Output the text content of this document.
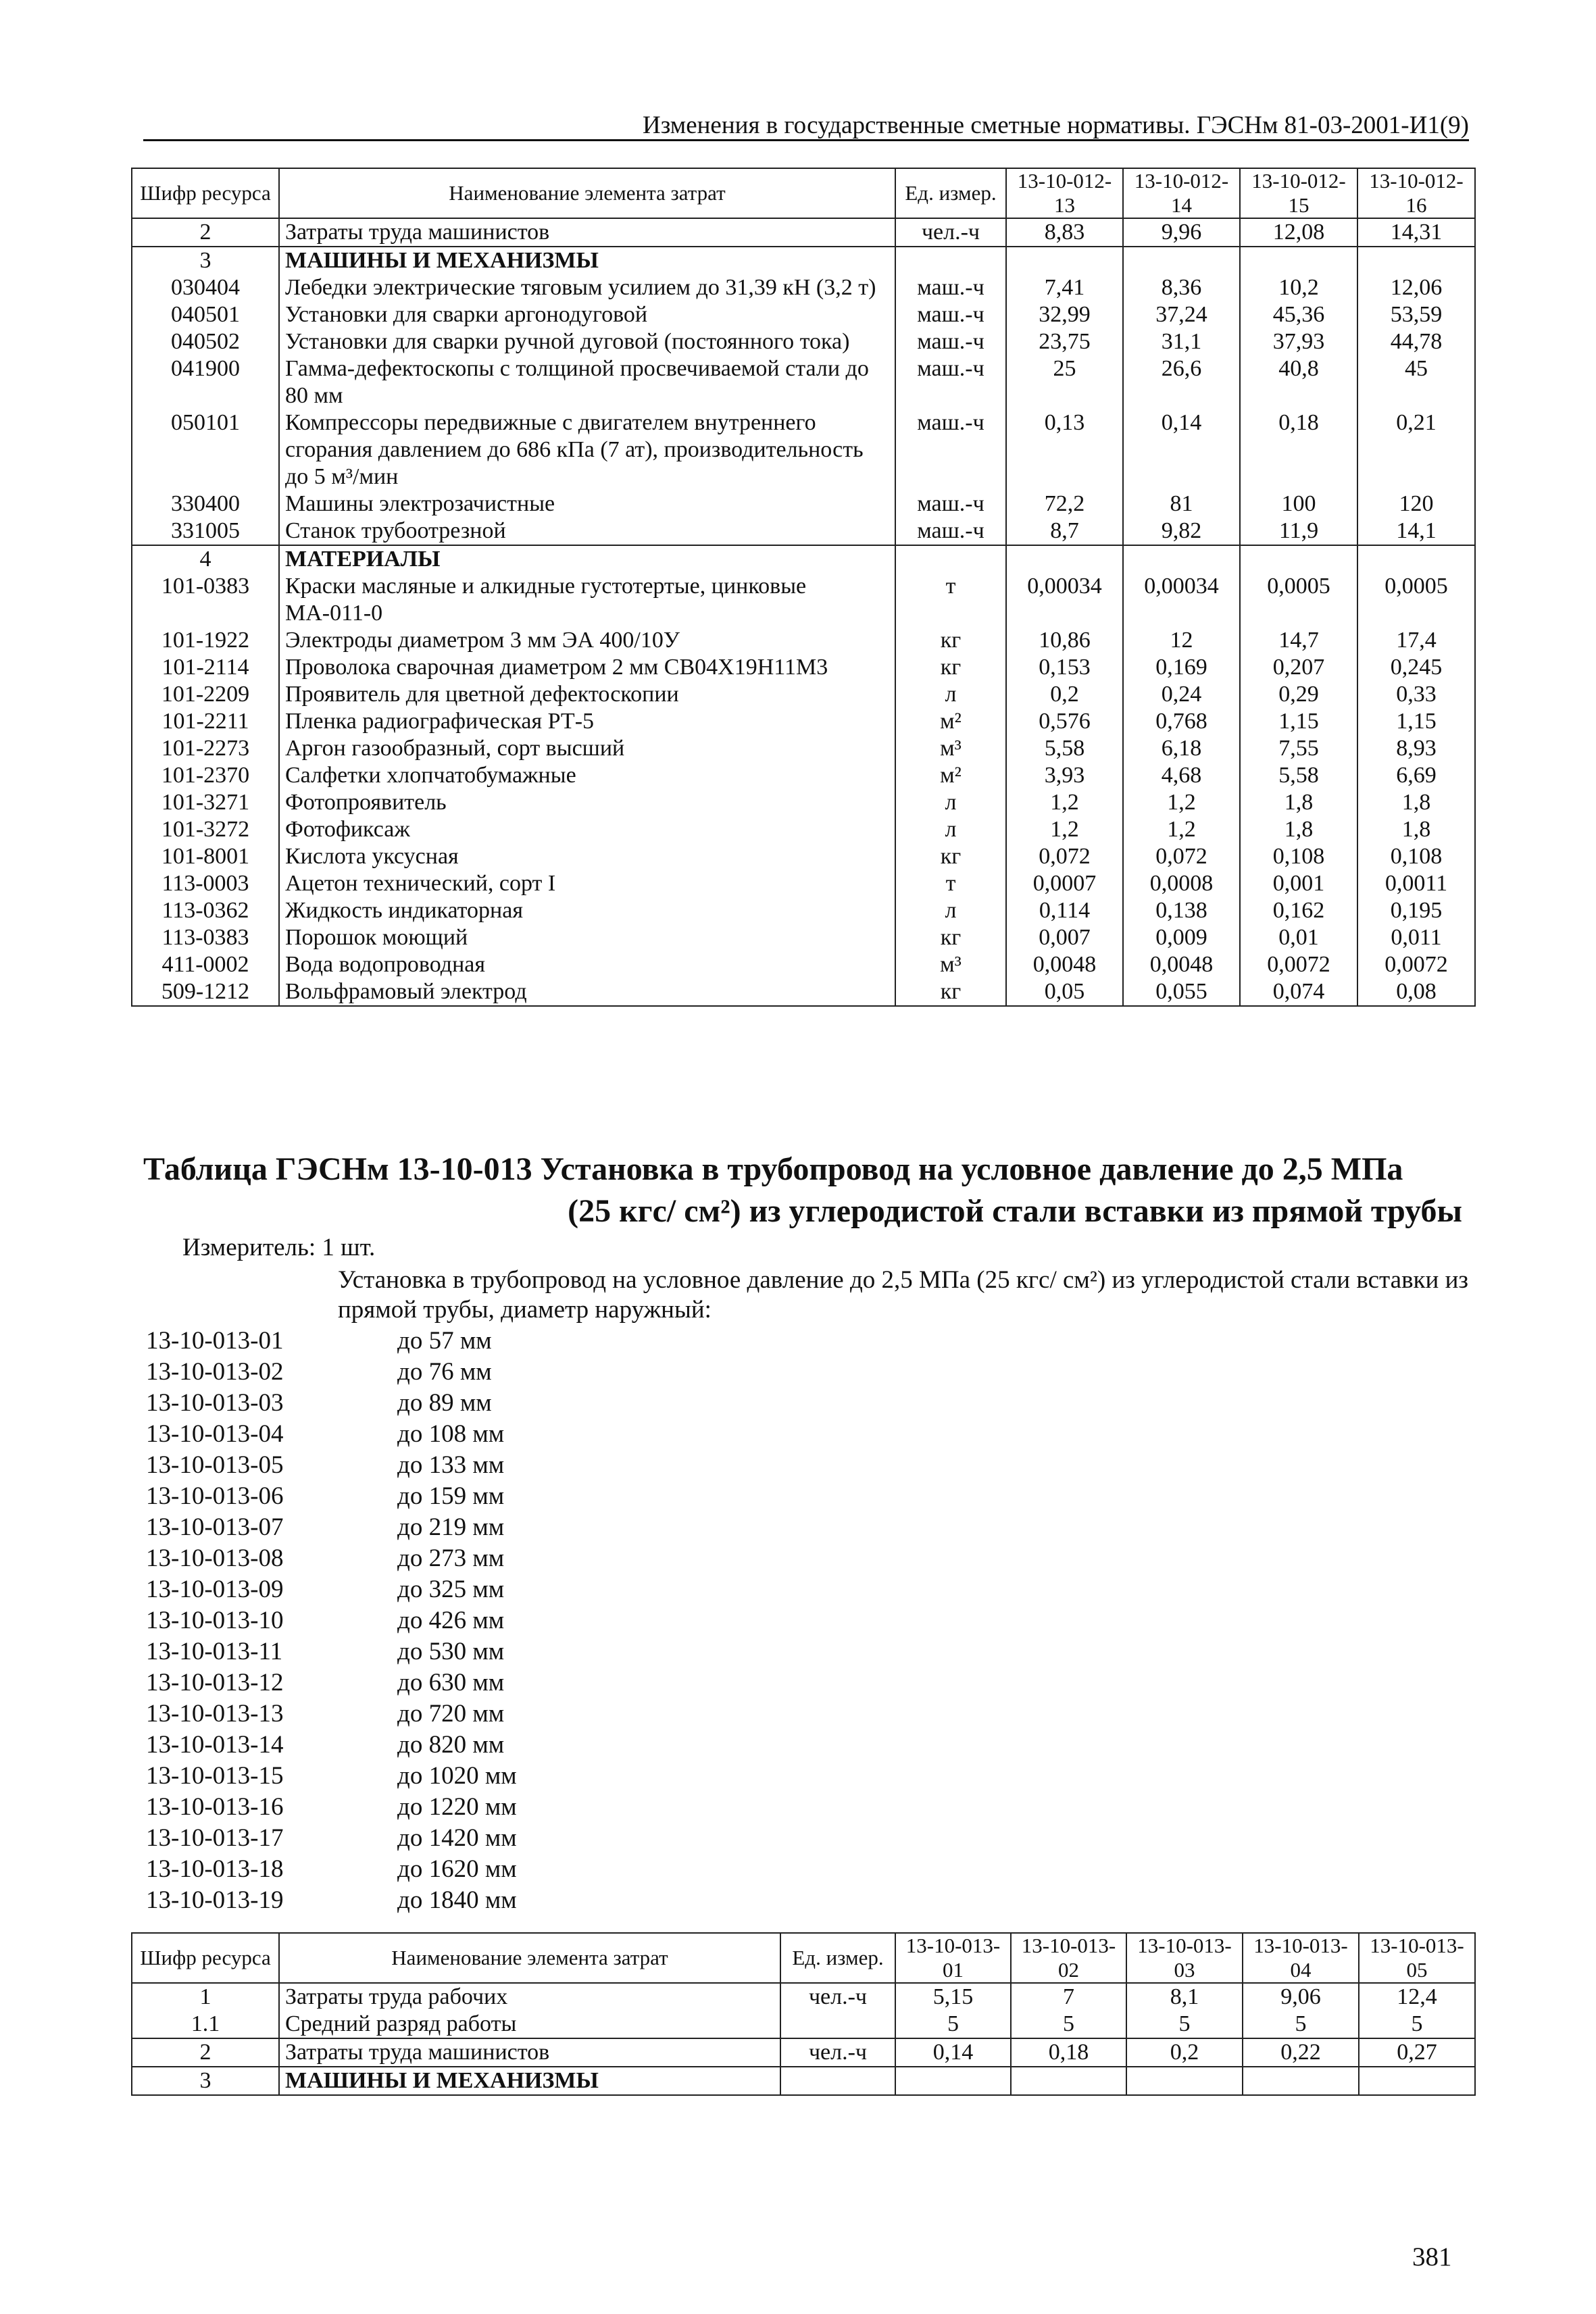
Изменения в государственные сметные нормативы. ГЭСНм 81-03-2001-И1(9)
Шифр ресурса	Наименование элемента затрат	Ед. измер.	13-10-012-13	13-10-012-14	13-10-012-15	13-10-012-16
2	Затраты труда машинистов	чел.-ч	8,83	9,96	12,08	14,31
3	МАШИНЫ И МЕХАНИЗМЫ					
030404	Лебедки электрические тяговым усилием до 31,39 кН (3,2 т)	маш.-ч	7,41	8,36	10,2	12,06
040501	Установки для сварки аргонодуговой	маш.-ч	32,99	37,24	45,36	53,59
040502	Установки для сварки ручной дуговой (постоянного тока)	маш.-ч	23,75	31,1	37,93	44,78
041900	Гамма-дефектоскопы с толщиной просвечиваемой стали до 80 мм	маш.-ч	25	26,6	40,8	45
050101	Компрессоры передвижные с двигателем внутреннего сгорания давлением до 686 кПа (7 ат), производительность до 5 м³/мин	маш.-ч	0,13	0,14	0,18	0,21
330400	Машины электрозачистные	маш.-ч	72,2	81	100	120
331005	Станок трубоотрезной	маш.-ч	8,7	9,82	11,9	14,1
4	МАТЕРИАЛЫ					
101-0383	Краски масляные и алкидные густотертые, цинковые МА-011-0	т	0,00034	0,00034	0,0005	0,0005
101-1922	Электроды диаметром 3 мм ЭА 400/10У	кг	10,86	12	14,7	17,4
101-2114	Проволока сварочная диаметром 2 мм СВ04Х19Н11М3	кг	0,153	0,169	0,207	0,245
101-2209	Проявитель для цветной дефектоскопии	л	0,2	0,24	0,29	0,33
101-2211	Пленка радиографическая РТ-5	м²	0,576	0,768	1,15	1,15
101-2273	Аргон газообразный, сорт высший	м³	5,58	6,18	7,55	8,93
101-2370	Салфетки хлопчатобумажные	м²	3,93	4,68	5,58	6,69
101-3271	Фотопроявитель	л	1,2	1,2	1,8	1,8
101-3272	Фотофиксаж	л	1,2	1,2	1,8	1,8
101-8001	Кислота уксусная	кг	0,072	0,072	0,108	0,108
113-0003	Ацетон технический, сорт I	т	0,0007	0,0008	0,001	0,0011
113-0362	Жидкость индикаторная	л	0,114	0,138	0,162	0,195
113-0383	Порошок моющий	кг	0,007	0,009	0,01	0,011
411-0002	Вода водопроводная	м³	0,0048	0,0048	0,0072	0,0072
509-1212	Вольфрамовый электрод	кг	0,05	0,055	0,074	0,08
Таблица ГЭСНм 13-10-013 Установка в трубопровод на условное давление до 2,5 МПа
(25 кгс/ см²) из углеродистой стали вставки из прямой трубы
Измеритель: 1 шт.
Установка в трубопровод на условное давление до 2,5 МПа (25 кгс/ см²) из углеродистой стали вставки из прямой трубы, диаметр наружный:
13-10-013-01	до 57 мм
13-10-013-02	до 76 мм
13-10-013-03	до 89 мм
13-10-013-04	до 108 мм
13-10-013-05	до 133 мм
13-10-013-06	до 159 мм
13-10-013-07	до 219 мм
13-10-013-08	до 273 мм
13-10-013-09	до 325 мм
13-10-013-10	до 426 мм
13-10-013-11	до 530 мм
13-10-013-12	до 630 мм
13-10-013-13	до 720 мм
13-10-013-14	до 820 мм
13-10-013-15	до 1020 мм
13-10-013-16	до 1220 мм
13-10-013-17	до 1420 мм
13-10-013-18	до 1620 мм
13-10-013-19	до 1840 мм
Шифр ресурса	Наименование элемента затрат	Ед. измер.	13-10-013-01	13-10-013-02	13-10-013-03	13-10-013-04	13-10-013-05
1	Затраты труда рабочих	чел.-ч	5,15	7	8,1	9,06	12,4
1.1	Средний разряд работы		5	5	5	5	5
2	Затраты труда машинистов	чел.-ч	0,14	0,18	0,2	0,22	0,27
3	МАШИНЫ И МЕХАНИЗМЫ						
381
